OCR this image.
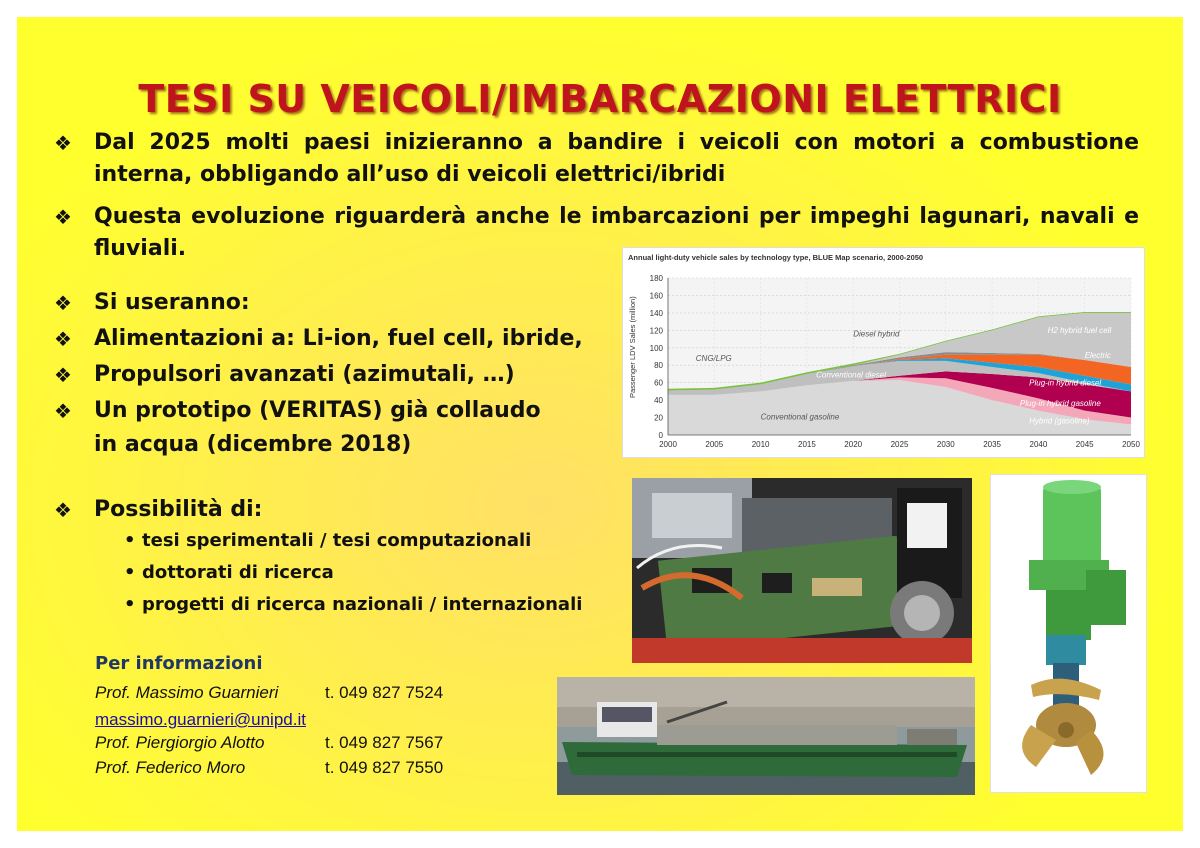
TESI SU VEICOLI/IMBARCAZIONI ELETTRICI
❖	Dal 2025 molti paesi inizieranno a bandire i veicoli con motori a combustione interna, obbligando all’uso di veicoli elettrici/ibridi
❖	Questa evoluzione riguarderà anche le imbarcazioni per impeghi lagunari, navali e fluviali.
❖	Si useranno:
❖	Alimentazioni a: Li-ion, fuel cell, ibride,
❖	Propulsori avanzati (azimutali, …)
❖	Un prototipo (VERITAS) già collaudo
in acqua (dicembre 2018)
❖	Possibilità di:
• tesi sperimentali / tesi computazionali
• dottorati di ricerca
• progetti di ricerca nazionali / internazionali
Per informazioni
Prof. Massimo Guarnieri	t. 049 827 7524
massimo.guarnieri@unipd.it
Prof. Piergiorgio Alotto	t. 049 827 7567
Prof. Federico Moro	t. 049 827 7550
Annual light-duty vehicle sales by technology type, BLUE Map scenario, 2000-2050
Passenger LDV Sales (million)
0
20
40
60
80
100
120
140
160
180
2000	2005	2010	2015	2020	2025	2030	2035	2040	2045	2050
Conventional gasoline	Hybrid (gasoline)
Plug-in hybrid gasoline
Conventional diesel
Plug-in hybrid diesel
Electric
Diesel hybrid	H2 hybrid fuel cell
CNG/LPG
